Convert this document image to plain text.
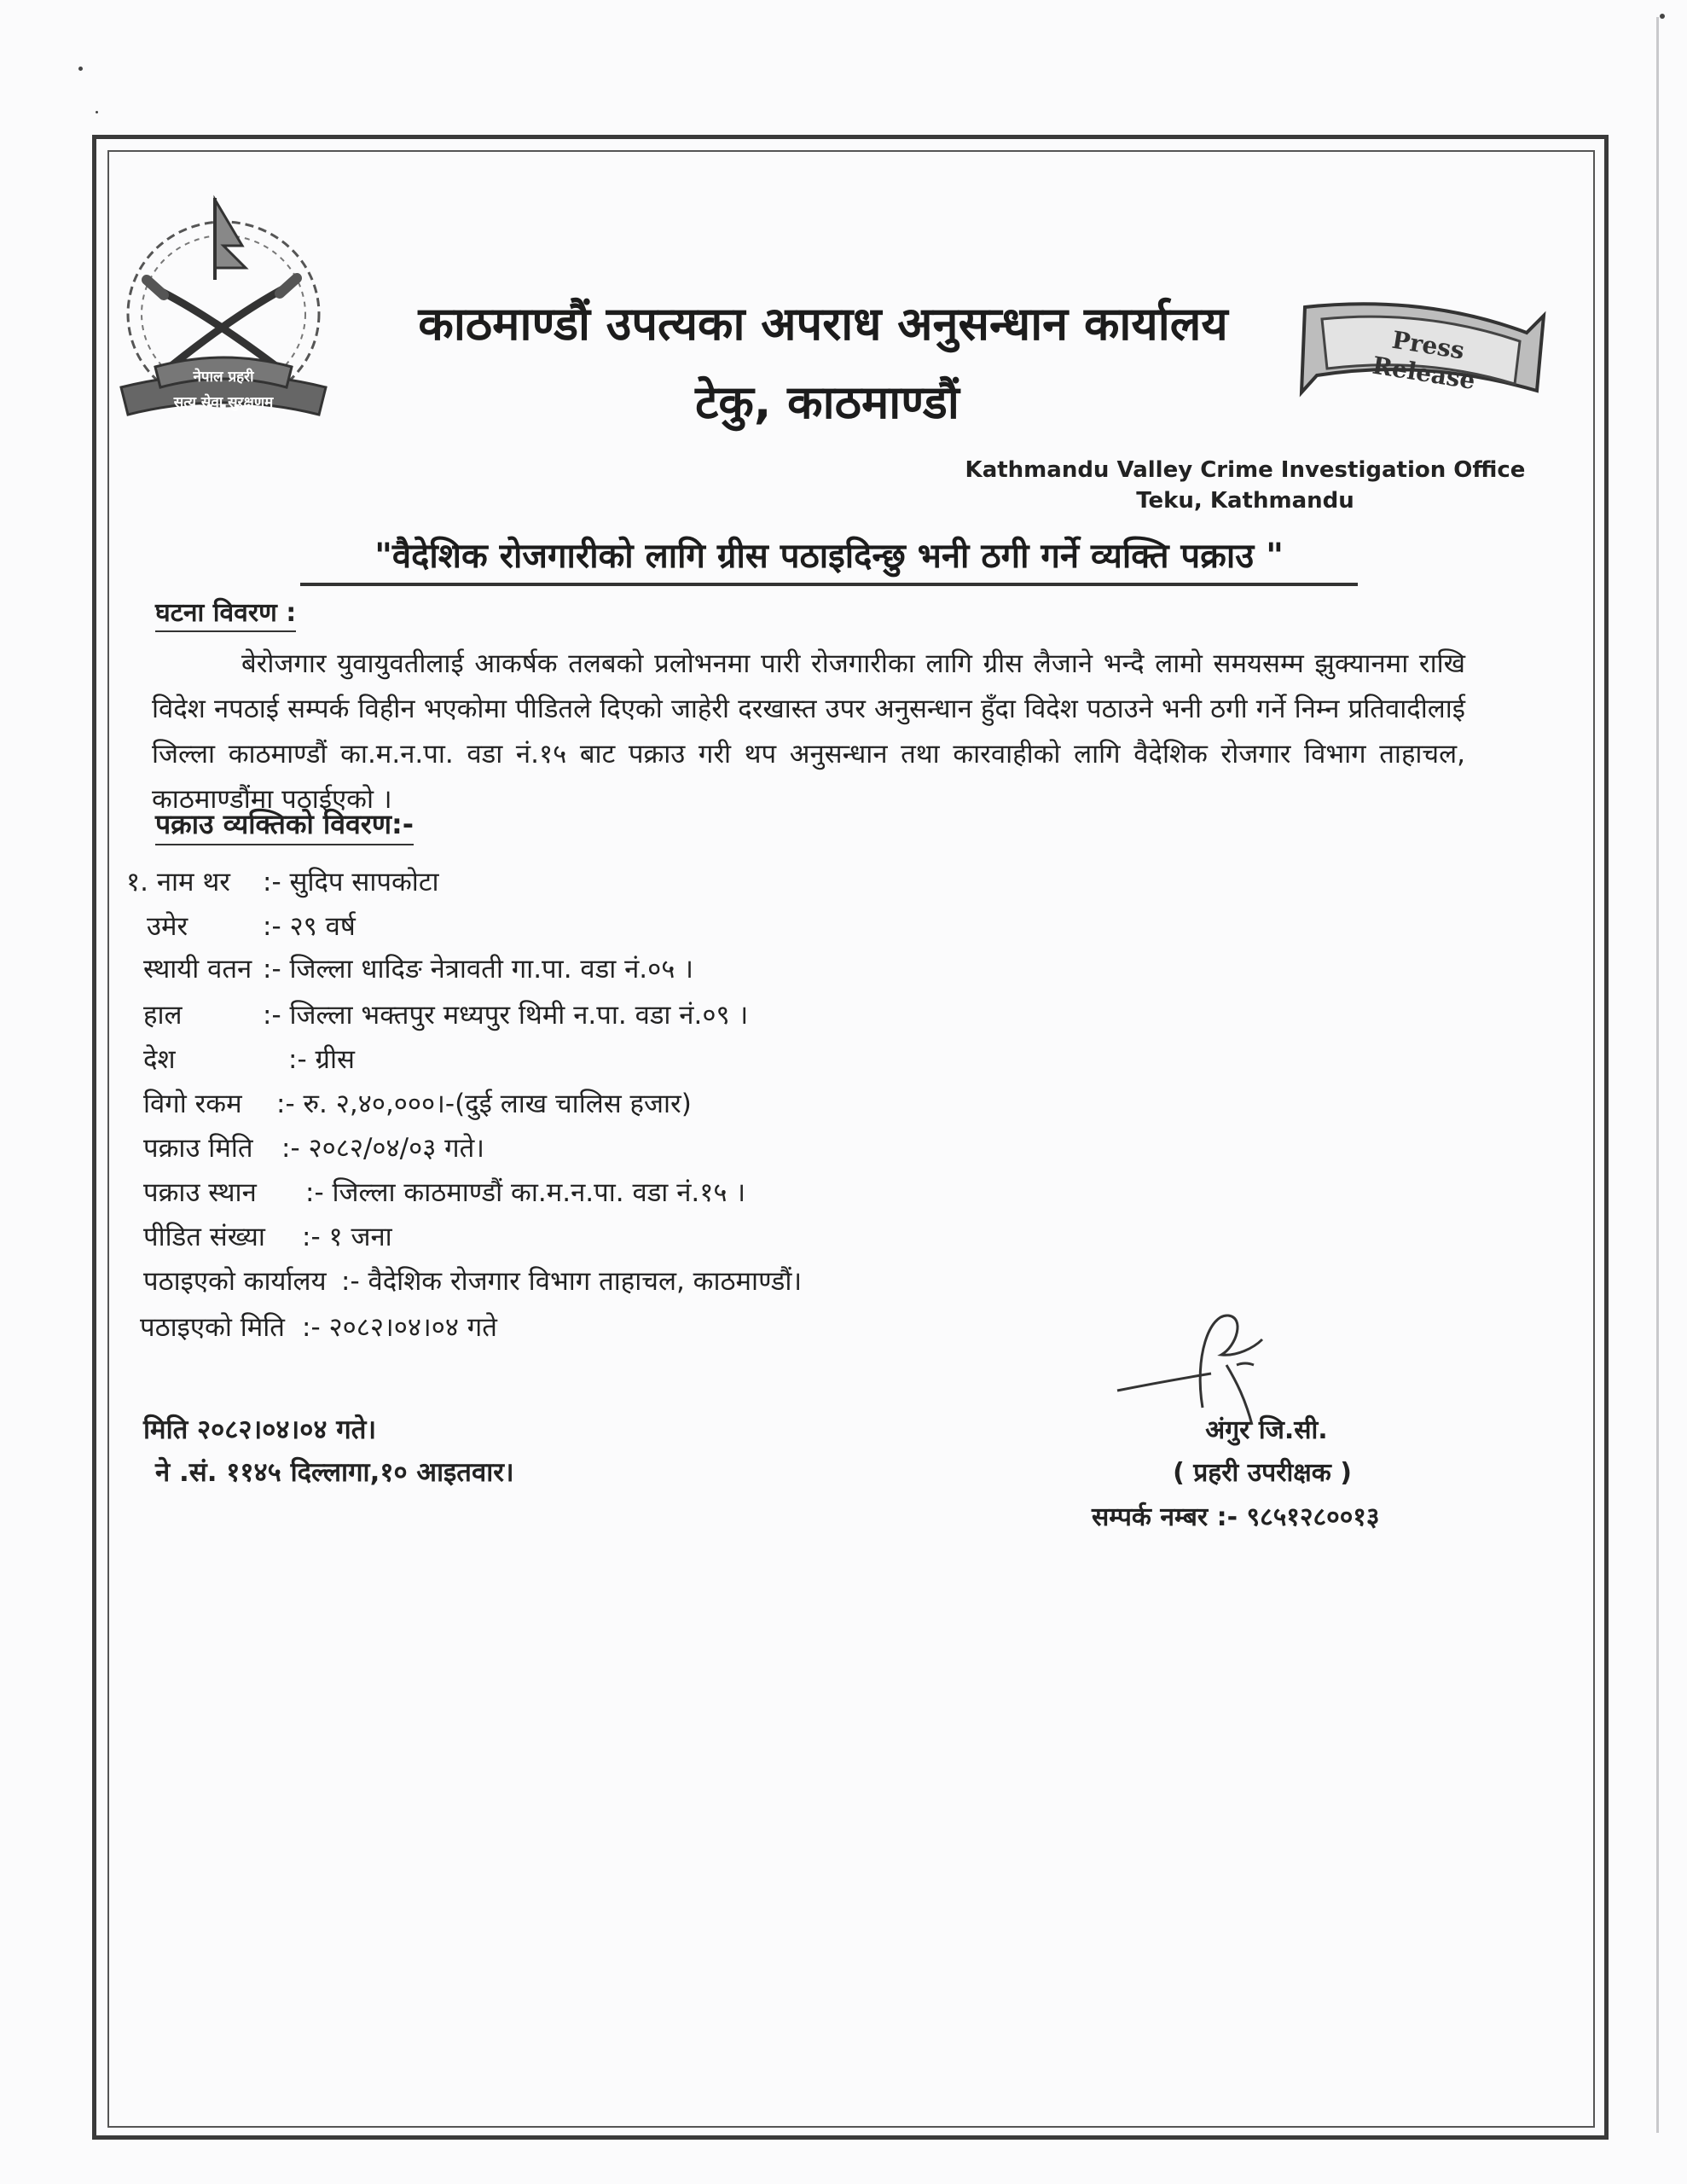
नेपाल प्रहरी
सत्य सेवा सुरक्षणम
काठमाण्डौं उपत्यका अपराध अनुसन्धान कार्यालय
टेकु, काठमाण्डौं
Press Release
Kathmandu Valley Crime Investigation Office
Teku, Kathmandu
"वैदेशिक रोजगारीको लागि ग्रीस पठाइदिन्छु भनी ठगी गर्ने व्यक्ति पक्राउ "
घटना विवरण :
बेरोजगार युवायुवतीलाई आकर्षक तलबको प्रलोभनमा पारी रोजगारीका लागि ग्रीस लैजाने भन्दै लामो समयसम्म झुक्यानमा राखि विदेश नपठाई सम्पर्क विहीन भएकोमा पीडितले दिएको जाहेरी दरखास्त उपर अनुसन्धान हुँदा विदेश पठाउने भनी ठगी गर्ने निम्न प्रतिवादीलाई जिल्ला काठमाण्डौं का.म.न.पा. वडा नं.१५ बाट पक्राउ गरी थप अनुसन्धान तथा कारवाहीको लागि वैदेशिक रोजगार विभाग ताहाचल, काठमाण्डौंमा पठाईएको ।
पक्राउ व्यक्तिको विवरण:-
१. नाम थर :- सुदिप सापकोटा
उमेर	:- २९ वर्ष
स्थायी वतन :- जिल्ला धादिङ नेत्रावती गा.पा. वडा नं.०५ ।
हाल	:- जिल्ला भक्तपुर मध्यपुर थिमी न.पा. वडा नं.०९ ।
देश	:- ग्रीस
विगो रकम :- रु. २,४०,०००।-(दुई लाख चालिस हजार)
पक्राउ मिति :- २०८२/०४/०३ गते।
पक्राउ स्थान :- जिल्ला काठमाण्डौं का.म.न.पा. वडा नं.१५ ।
पीडित संख्या :- १ जना
पठाइएको कार्यालय :- वैदेशिक रोजगार विभाग ताहाचल, काठमाण्डौं।
पठाइएको मिति :- २०८२।०४।०४ गते
मिति २०८२।०४।०४ गते।
ने .सं. ११४५ दिल्लागा,१० आइतवार।
अंगुर जि.सी.
( प्रहरी उपरीक्षक )
सम्पर्क नम्बर :- ९८५१२८००१३
